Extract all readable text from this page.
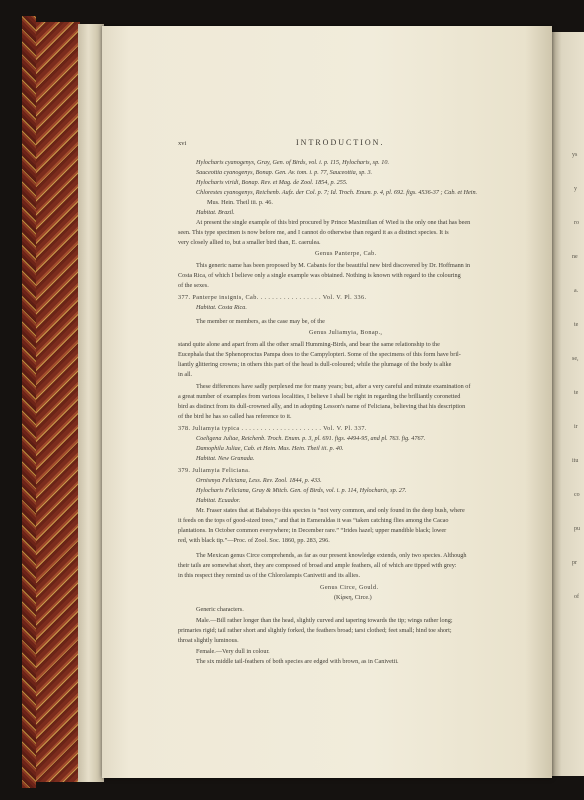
ys
y
ro
ne
a.
te
se,
te
ir
itu
co
pu
pr
of
xvi	INTRODUCTION.
Hylocharis cyanogenys, Gray, Gen. of Birds, vol. i. p. 115, Hylocharis, sp. 10.
Sauceottia cyanogenys, Bonap. Gen. Av. tom. i. p. 77, Sauceottia, sp. 3.
Hylocharis viridi, Bonap. Rev. et Mag. de Zool. 1854, p. 255.
Chlorestes cyanogenys, Reichenb. Aufz. der Col. p. 7; Id. Troch. Enum. p. 4, pl. 692. figs. 4536-37 ; Cab. et Hein.
Mus. Hein. Theil iii. p. 46.
Habitat. Brazil.
At present the single example of this bird procured by Prince Maximilian of Wied is the only one that has been
seen. This type specimen is now before me, and I cannot do otherwise than regard it as a distinct species. It is
very closely allied to, but a smaller bird than, E. caerulea.
Genus Panterpe, Cab.
This generic name has been proposed by M. Cabanis for the beautiful new bird discovered by Dr. Hoffmann in
Costa Rica, of which I believe only a single example was obtained. Nothing is known with regard to the colouring
of the sexes.
377. Panterpe insignis, Cab. . . . . . . . . . . . . . . . . Vol. V. Pl. 336.
Habitat. Costa Rica.
The member or members, as the case may be, of the
Genus Juliamyia, Bonap.,
stand quite alone and apart from all the other small Humming-Birds, and bear the same relationship to the
Eucephala that the Sphenoproctus Pampa does to the Campylopteri. Some of the specimens of this form have bril-
liantly glittering crowns; in others this part of the head is dull-coloured; while the plumage of the body is alike
in all.
These differences have sadly perplexed me for many years; but, after a very careful and minute examination of
a great number of examples from various localities, I believe I shall be right in regarding the brilliantly coronetted
bird as distinct from its dull-crowned ally, and in adopting Lesson's name of Feliciana, believing that his description
of the bird he has so called has reference to it.
378. Juliamyia typica . . . . . . . . . . . . . . . . . . . . . Vol. V. Pl. 337.
Coeligena Juliae, Reichenb. Troch. Enum. p. 3, pl. 691. figs. 4494-95, and pl. 763. fig. 4767.
Damophila Juliae, Cab. et Hein. Mus. Hein. Theil iii. p. 40.
Habitat. New Granada.
379. Juliamyia Feliciana.
Ornismya Feliciana, Less. Rev. Zool. 1844, p. 433.
Hylocharis Feliciana, Gray & Mitch. Gen. of Birds, vol. i. p. 114, Hylocharis, sp. 27.
Habitat. Ecuador.
Mr. Fraser states that at Babahoyo this species is “not very common, and only found in the deep bush, where
it feeds on the tops of good-sized trees,” and that in Esmeraldas it was “taken catching flies among the Cacao
plantations. In October common everywhere; in December rare.” “Irides hazel; upper mandible black; lower
red, with black tip.”—Proc. of Zool. Soc. 1860, pp. 283, 296.
The Mexican genus Circe comprehends, as far as our present knowledge extends, only two species. Although
their tails are somewhat short, they are composed of broad and ample feathers, all of which are tipped with grey:
in this respect they remind us of the Chlorolampis Canivetii and its allies.
Genus Circe, Gould.
(Κίρκη, Circe.)
Generic characters.
Male.—Bill rather longer than the head, slightly curved and tapering towards the tip; wings rather long;
primaries rigid; tail rather short and slightly forked, the feathers broad; tarsi clothed; feet small; hind toe short;
throat slightly luminous.
Female.—Very dull in colour.
The six middle tail-feathers of both species are edged with brown, as in Canivetii.
